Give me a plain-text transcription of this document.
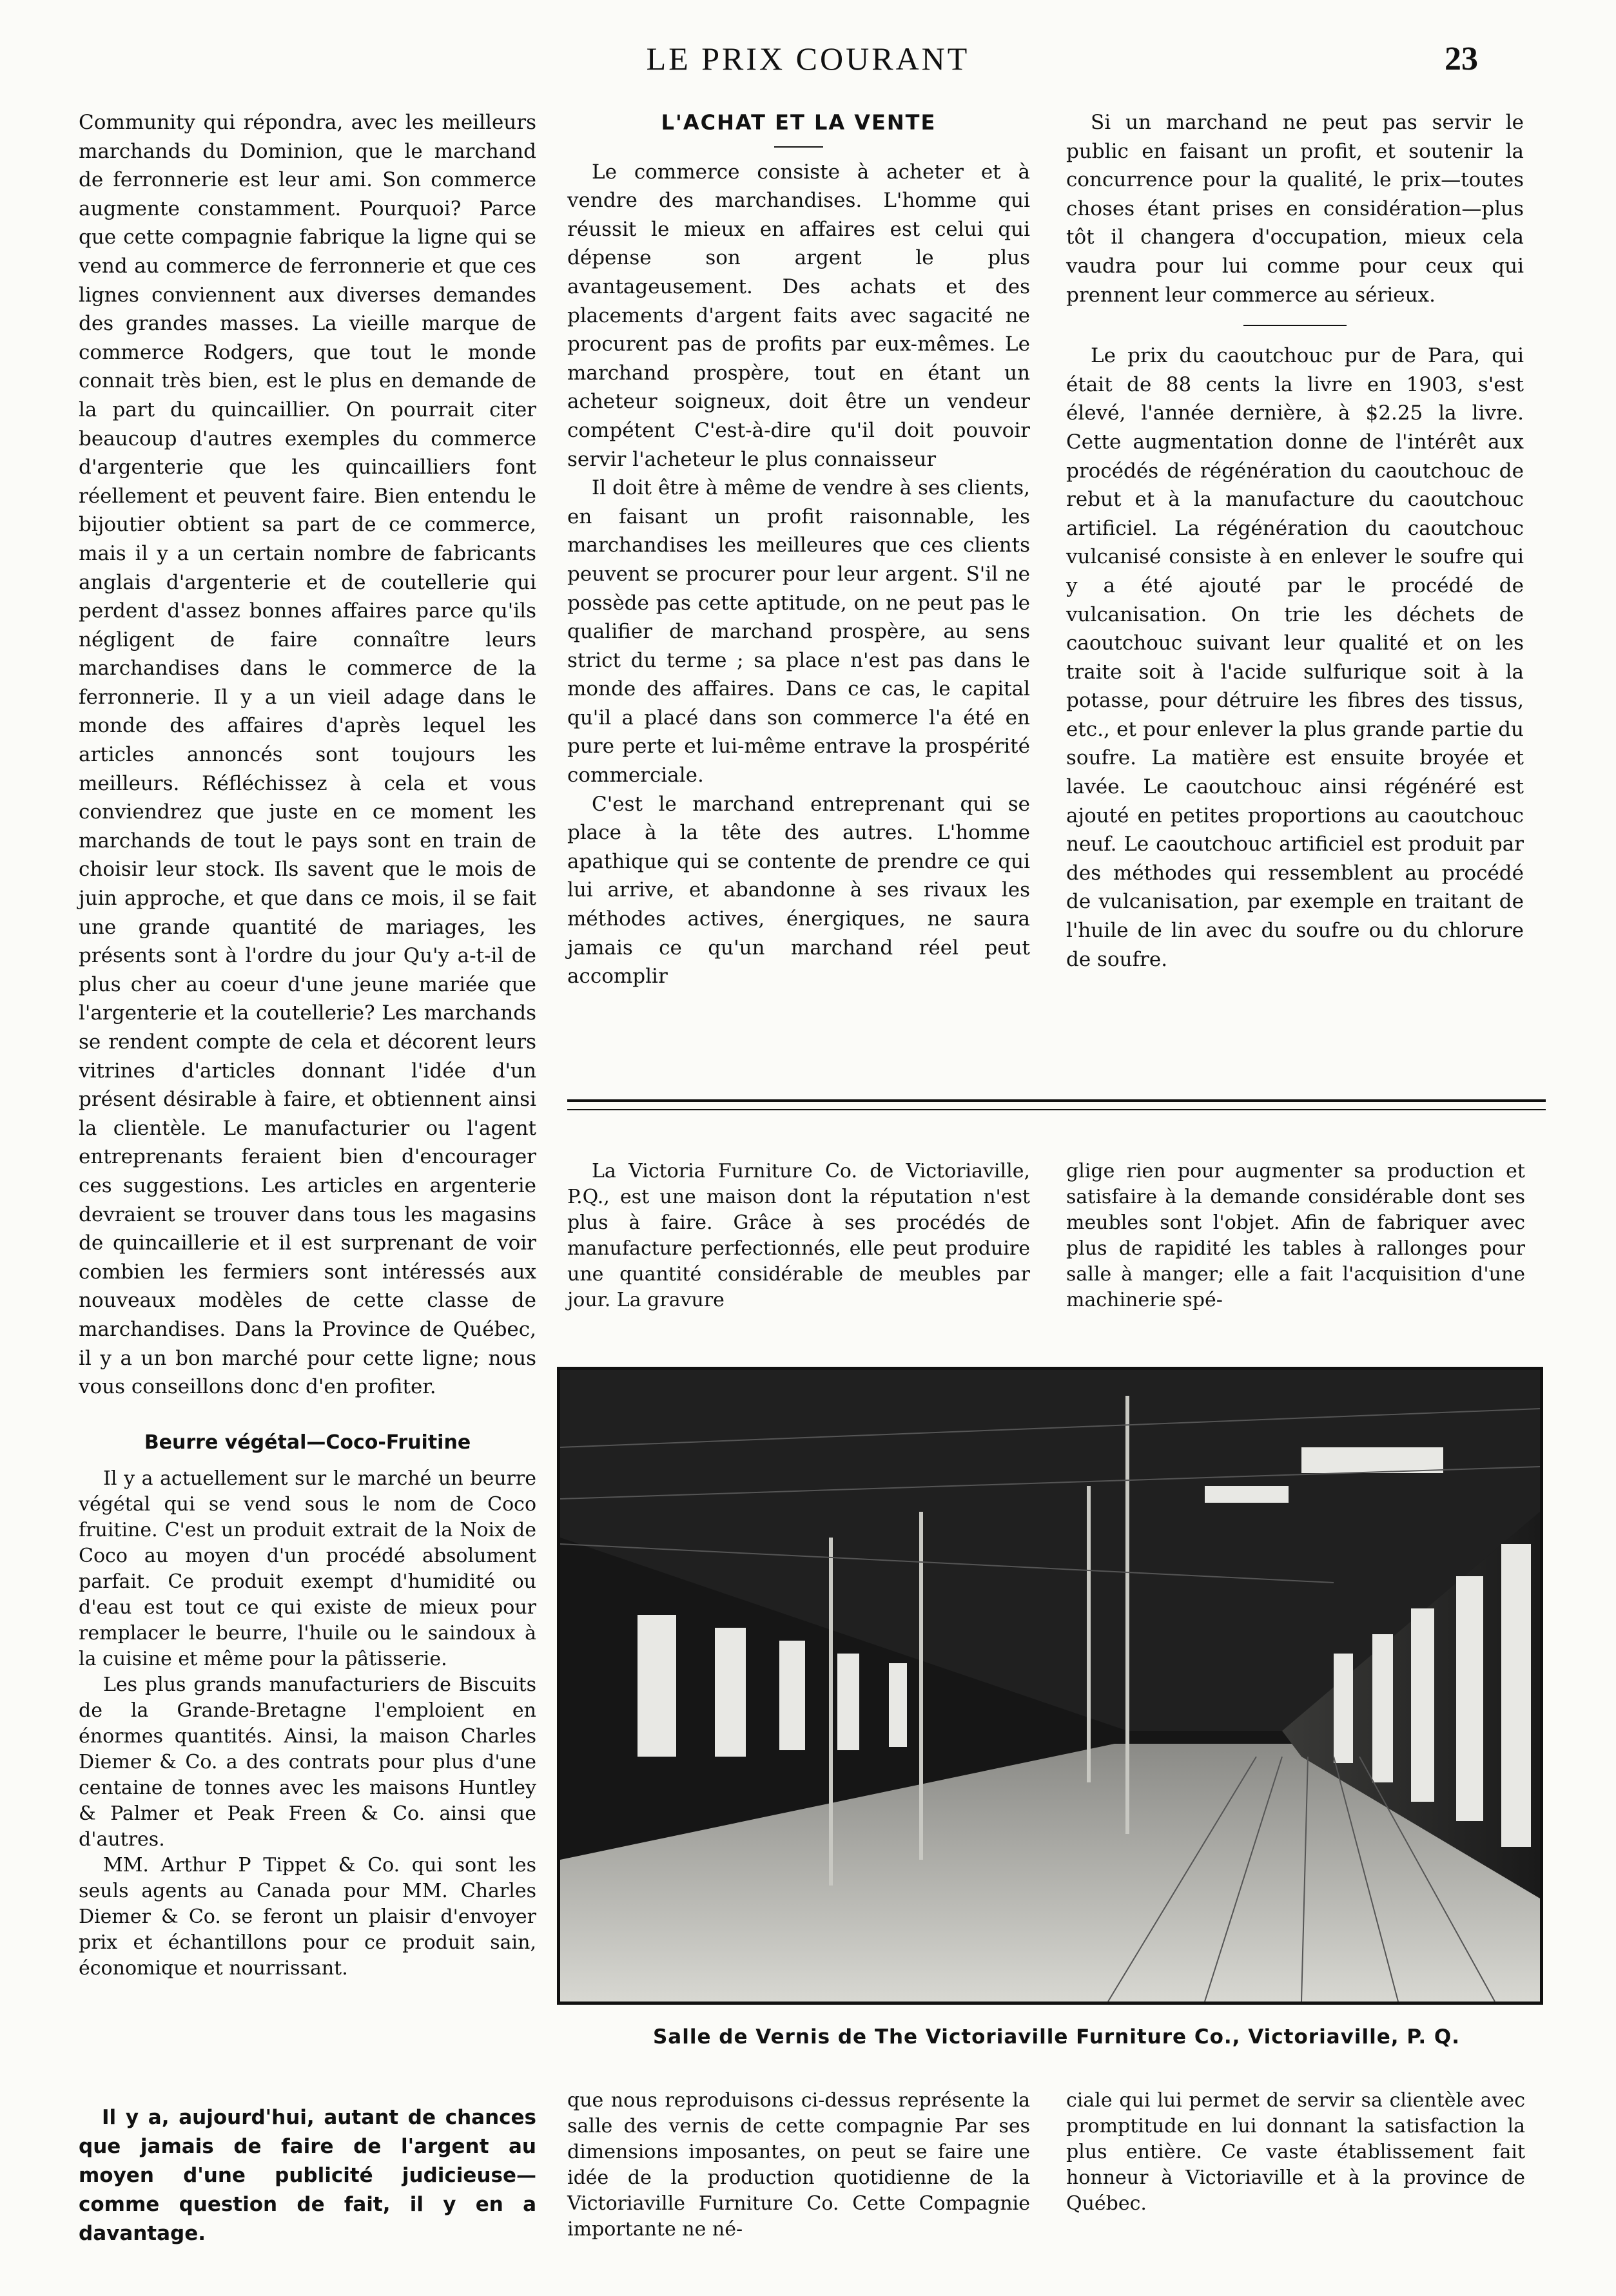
LE PRIX COURANT	23

Community qui répondra, avec les meilleurs marchands du Dominion, que le marchand de ferronnerie est leur ami. Son commerce augmente constamment. Pourquoi? Parce que cette compagnie fabrique la ligne qui se vend au commerce de ferronnerie et que ces lignes conviennent aux diverses demandes des grandes masses. La vieille marque de commerce Rodgers, que tout le monde connait très bien, est le plus en demande de la part du quincaillier. On pourrait citer beaucoup d'autres exemples du commerce d'argenterie que les quincailliers font réellement et peuvent faire. Bien entendu le bijoutier obtient sa part de ce commerce, mais il y a un certain nombre de fabricants anglais d'argenterie et de coutellerie qui perdent d'assez bonnes affaires parce qu'ils négligent de faire connaître leurs marchandises dans le commerce de la ferronnerie. Il y a un vieil adage dans le monde des affaires d'après lequel les articles annoncés sont toujours les meilleurs. Réfléchissez à cela et vous conviendrez que juste en ce moment les marchands de tout le pays sont en train de choisir leur stock. Ils savent que le mois de juin approche, et que dans ce mois, il se fait une grande quantité de mariages, les présents sont à l'ordre du jour Qu'y a-t-il de plus cher au coeur d'une jeune mariée que l'argenterie et la coutellerie? Les marchands se rendent compte de cela et décorent leurs vitrines d'articles donnant l'idée d'un présent désirable à faire, et obtiennent ainsi la clientèle. Le manufacturier ou l'agent entreprenants feraient bien d'encourager ces suggestions. Les articles en argenterie devraient se trouver dans tous les magasins de quincaillerie et il est surprenant de voir combien les fermiers sont intéressés aux nouveaux modèles de cette classe de marchandises. Dans la Province de Québec, il y a un bon marché pour cette ligne; nous vous conseillons donc d'en profiter.

Beurre végétal—Coco-Fruitine

Il y a actuellement sur le marché un beurre végétal qui se vend sous le nom de Coco fruitine. C'est un produit extrait de la Noix de Coco au moyen d'un procédé absolument parfait. Ce produit exempt d'humidité ou d'eau est tout ce qui existe de mieux pour remplacer le beurre, l'huile ou le saindoux à la cuisine et même pour la pâtisserie.

Les plus grands manufacturiers de Biscuits de la Grande-Bretagne l'emploient en énormes quantités. Ainsi, la maison Charles Diemer & Co. a des contrats pour plus d'une centaine de tonnes avec les maisons Huntley & Palmer et Peak Freen & Co. ainsi que d'autres.

MM. Arthur P Tippet & Co. qui sont les seuls agents au Canada pour MM. Charles Diemer & Co. se feront un plaisir d'envoyer prix et échantillons pour ce produit sain, économique et nourrissant.

Il y a, aujourd'hui, autant de chances que jamais de faire de l'argent au moyen d'une publicité judicieuse—comme question de fait, il y en a davantage.

L'ACHAT ET LA VENTE

Le commerce consiste à acheter et à vendre des marchandises. L'homme qui réussit le mieux en affaires est celui qui dépense son argent le plus avantageusement. Des achats et des placements d'argent faits avec sagacité ne procurent pas de profits par eux-mêmes. Le marchand prospère, tout en étant un acheteur soigneux, doit être un vendeur compétent C'est-à-dire qu'il doit pouvoir servir l'acheteur le plus connaisseur

Il doit être à même de vendre à ses clients, en faisant un profit raisonnable, les marchandises les meilleures que ces clients peuvent se procurer pour leur argent. S'il ne possède pas cette aptitude, on ne peut pas le qualifier de marchand prospère, au sens strict du terme ; sa place n'est pas dans le monde des affaires. Dans ce cas, le capital qu'il a placé dans son commerce l'a été en pure perte et lui-même entrave la prospérité commerciale.

C'est le marchand entreprenant qui se place à la tête des autres. L'homme apathique qui se contente de prendre ce qui lui arrive, et abandonne à ses rivaux les méthodes actives, énergiques, ne saura jamais ce qu'un marchand réel peut accomplir

Si un marchand ne peut pas servir le public en faisant un profit, et soutenir la concurrence pour la qualité, le prix—toutes choses étant prises en considération—plus tôt il changera d'occupation, mieux cela vaudra pour lui comme pour ceux qui prennent leur commerce au sérieux.

Le prix du caoutchouc pur de Para, qui était de 88 cents la livre en 1903, s'est élevé, l'année dernière, à $2.25 la livre. Cette augmentation donne de l'intérêt aux procédés de régénération du caoutchouc de rebut et à la manufacture du caoutchouc artificiel. La régénération du caoutchouc vulcanisé consiste à en enlever le soufre qui y a été ajouté par le procédé de vulcanisation. On trie les déchets de caoutchouc suivant leur qualité et on les traite soit à l'acide sulfurique soit à la potasse, pour détruire les fibres des tissus, etc., et pour enlever la plus grande partie du soufre. La matière est ensuite broyée et lavée. Le caoutchouc ainsi régénéré est ajouté en petites proportions au caoutchouc neuf. Le caoutchouc artificiel est produit par des méthodes qui ressemblent au procédé de vulcanisation, par exemple en traitant de l'huile de lin avec du soufre ou du chlorure de soufre.

La Victoria Furniture Co. de Victoriaville, P.Q., est une maison dont la réputation n'est plus à faire. Grâce à ses procédés de manufacture perfectionnés, elle peut produire une quantité considérable de meubles par jour. La gravure

glige rien pour augmenter sa production et satisfaire à la demande considérable dont ses meubles sont l'objet. Afin de fabriquer avec plus de rapidité les tables à rallonges pour salle à manger; elle a fait l'acquisition d'une machinerie spé-

Salle de Vernis de The Victoriaville Furniture Co., Victoriaville, P. Q.

que nous reproduisons ci-dessus représente la salle des vernis de cette compagnie Par ses dimensions imposantes, on peut se faire une idée de la production quotidienne de la Victoriaville Furniture Co. Cette Compagnie importante ne né-

ciale qui lui permet de servir sa clientèle avec promptitude en lui donnant la satisfaction la plus entière. Ce vaste établissement fait honneur à Victoriaville et à la province de Québec.
